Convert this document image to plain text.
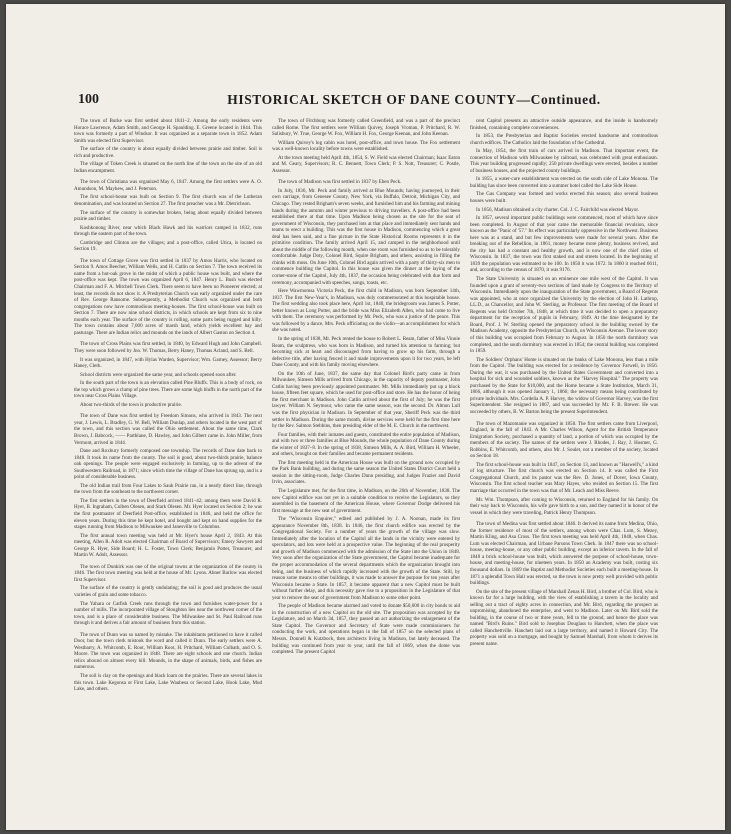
100	HISTORICAL SKETCH OF DANE COUNTY—Continued.

The town of Burke was first settled about 1841–2. Among the early residents were Horace Lawrence, Adam Smith, and George H. Spaulding. E. Greene located in 1844. This town was formerly a part of Windsor. It was organized as a separate town in 1852. Adam Smith was elected first Supervisor.

The surface of the country is about equally divided between prairie and timber. Soil is rich and productive.

The village of Token Creek is situated on the north line of the town on the site of an old Indian encampment.

The town of Christiana was organized May 6, 1847. Among the first settlers were A. O. Amundson, M. Mayhew, and J. Peterson.

The first school-house was built on Section 9. The first church was of the Lutheran denomination, and was located on Section 27. The first preacher was a Mr. Dietrichson.

The surface of the country is somewhat broken, being about equally divided between prairie and timber.

Koshkonong River, near which Black Hawk and his warriors camped in 1832, runs through the eastern part of the town.

Cambridge and Clinton are the villages; and a post-office, called Utica, is located on Section 19.

The town of Cottage Grove was first settled in 1837 by Amos Harris, who located on Section 9. Amos Beecher, William Wells, and H. Catlin on Section 7. The town received its name from a hut-oak grove in the midst of which a public house was built, and where the post-office was kept. The town was organized April 6, 1847. Henry L. Bush was elected Chairman and F. A. Mitchell Town Clerk. There seem to have been no Pioneerer elected; at least, the records do not show it. A Presbyterian Church was early organized under the care of Rev. George Ransome. Subsequently, a Methodist Church was organized and both congregations now have commodious meeting-houses. The first school-house was built on Section 7. There are now nine school districts, in which schools are kept from six to nine months each year. The surface of the country is rolling, some parts being rugged and hilly. The town contains about 7,000 acres of marsh land, which yields excellent hay and pasturage. There are Indian relics and mounds on the lands of Albert Gaston on Section 4.

The town of Cross Plains was first settled, in 1840, by Edward Hugh and John Campbell. They were soon followed by Jno. W. Thomas, Berry Haney, Thomas Acland, and S. Bell.

It was organized, in 1847, with Hylas Warden, Supervisor; Wm. Garney, Assessor; Berry Haney, Clerk.

School districts were organized the same year, and schools opened soon after.

In the south part of the town is an elevation called Pine Bluffs. This is a body of rock, on the top which grows a clump of pine trees. There are some high bluffs in the north part of the town near Cross Plains Village.

About two-thirds of the town is productive prairie.

The town of Dane was first settled by Freedom Simons, who arrived in 1843. The next year, J. Lewis, L. Bradley, G. W. Bell, William Dunlap, and others located in the west part of the town, and this section was called the Ohio settlement. About the same time, Clark Brown, J. Babcock, —— Parthlane, D. Hawley, and John Gilbert came in. John Miller, from Vermont, arrived in 1844.

Dane and Roxbury formerly composed one township. The records of Dane date back to 1848. It took its name from the county. The soil is good, about two-thirds prairie, balance oak openings. The people were engaged exclusively in farming, up to the advent of the Southwestern Railroad, in 1871; since which time the village of Dane has sprung up, and is a point of considerable business.

The old Indian trail from Four Lakes to Sauk Prairie ran, in a nearly direct line, through the town from the southeast to the northwest corner.

The first settlers in the town of Deerfield arrived 1841–42; among them were David R. Hyer, B. Ingraham, Colben Olesen, and Stark Olesen. Mr. Hyer located on Section 2; he was the first postmaster of Deerfield Post-office, established in 1846, and held the office for eleven years. During this time he kept hotel, and bought and kept on hand supplies for the stages running from Madison to Milwaukee and Janesville to Columbus.

The first annual town meeting was held at Mr. Hyer's house April 2, 1843. At this meeting, Allen R. Adolt was elected Chairman of Board of Supervisors; Emery Sawyers and George R. Hyer, Side Board; H. L. Foster, Town Clerk; Benjamin Potter, Treasurer, and Martin W. Adolt, Assessor.

The town of Dunkirk was one of the original towns at the organization of the county in 1846. The first town meeting was held at the house of Mr. Lyons. Abner Barlow was elected first Supervisor.

The surface of the country is gently undulating; the soil is good and produces the usual varieties of grain and some tobacco.

The Yahara or Catfish Creek runs through the town and furnishes water-power for a number of mills. The incorporated village of Stoughton lies near the northwest corner of the town, and is a place of considerable business. The Milwaukee and St. Paul Railroad runs through it and derives a fair amount of business from this station.

The town of Dunn was so named by mistake. The inhabitants petitioned to have it called Door, but the town clerk mistook the word and called it Dunn. The early settlers were A. Westbarry, A. Whitcomb, E. Root, William Root, H. Pritchard, William Colbath, and O. S. Moore. The town was organized in 1848. There are eight schools and one church. Indian relics abound on almost every hill. Mounds, in the shape of animals, birds, and fishes are numerous.

The soil is clay on the openings and black loam on the prairies. There are several lakes in this town. Lake Kegonsa or First Lake, Lake Waubesa or Second Lake, Hook Lake, Mud Lake, and others.

The town of Fitchburg was formerly called Greenfield, and was a part of the precinct called Rome. The first settlers were William Quivey, Joseph Vroman, P. Pritchard, R. W. Salisbury, W. True, George W. Fox, William H. Fox, George Keenan, and John Keenan.

William Quivey's log cabin was hotel, post-office, and town house. The Fox settlement was a well-known locality before towns were established.

At the town meeting held April 4th, 1854, S. W. Field was elected Chairman; Isaac Eaton and M. Geary, Supervisors; R. C. Bennett, Town Clerk; P. S. Nott, Treasurer; C. Postle, Assessor.

The town of Madison was first settled in 1837 by Eben Peck.

In July, 1836, Mr. Peck and family arrived at Blue Mounds; having journeyed, in their own carriage, from Genesee County, New York, via Buffalo, Detroit, Michigan City, and Chicago. They rested Brigham's seven weeks, and furnished him and his farming and mining hands during the autumn and winter previous to driving travellers. A post-office had been established there at that time. Upon Madison being chosen as the site for the seat of government of Wisconsin, they purchased lots at that place and immediately sent hands and teams to erect a building. This was the first house in Madison, commencing which a great deal has been said, and a fine picture in the State Historical Rooms represents it in the primitive condition. The family arrived April 15, and camped in the neighborhood until about the middle of the following month, when one room was furnished so as to be tolerably comfortable. Judge Doty, Colonel Bird, Squire Brigham, and others, assisting in filling the chinks with moss. On June 10th, Colonel Bird again arrived with a party of thirty-six men to commence building the Capitol. In this house was given the dinner at the laying of the corner-stone of the Capitol, July 4th, 1837, the occasion being celebrated with due form and ceremony, accompanied with speeches, songs, toasts, etc.

Here Wawmomsa Victoria Peck, the first child in Madison, was born September 14th, 1837. The first New-Year's, in Madison, was duly commemorated at this hospitable house. The first wedding also took place here, April 1st, 1840, the bridegroom was James S. Potter, better known as Long Potter, and the bride was Miss Elizabeth Allen, who had come to live with them. The ceremony was performed by Mr. Peck, who was a justice of the peace. This was followed by a dance, Mrs. Peck officiating on the violin—an accomplishment for which she was noted.

In the spring of 1838, Mr. Peck rented the house to Robert L. Ream, father of Miss Vinnie Ream, the sculptress, who was born in Madison, and turned his attention to farming; but becoming sick at heart and discouraged from having to grow up his farm, through a defective title, after having fenced it and made improvements upon it for two years, he left Dane County, and with his family moving elsewhere.

On the 10th of June, 1837, the same day that Colonel Bird's party came in from Milwaukee, Simeon Mills arrived from Chicago, in the capacity of deputy postmaster, John Catlin having been previously appointed postmaster. Mr. Mills immediately put up a block house, fifteen feet square, which he used for post-office and store. He has the honor of being the first merchant in Madison. John Catlin arrived about the first of July; he was the first lawyer. William N. Seymour, who came the same season, was the second. Dr. Almon Lull was the first physician in Madison. In September of that year, Sheriff Peck was the third settler in Madison. During the same month, divine services were held for the first time here by the Rev. Salmon Stebbins, then presiding elder of the M. E. Church in the northwest.

Four families, with their inmates and guests, constituted the entire population of Madison, and with two or three families at Blue Mounds, the whole population of Dane County during the winter of 1837–8. In the spring of 1838, Simeon Mills, A. A. Bird, William H. Wheeler, and others, brought on their families and became permanent residents.

The first meeting held in the American House was built on the ground now occupied by the Park Bank building, and during the same season the United States District Court held a session in the sitting-room, Judge Charles Dunn presiding, and Judges Frazier and David Irvin, associates.

The Legislature met, for the first time, in Madison, on the 26th of November, 1838. The new Capitol edifice was not yet in a suitable condition to receive the Legislators, so they assembled in the basement of the American House, where Governor Dodge delivered his first message at the new seat of government.

The "Wisconsin Enquirer," edited and published by J. A. Noonan, made its first appearance November 8th, 1838. In 1846, the first church edifice was erected by the Congregational Society. For a number of years the growth of the village was slow. Immediately after the location of the Capitol all the lands in the vicinity were entered by speculators, and lots were held at a prospective value. The beginning of the real prosperity and growth of Madison commenced with the admission of the State into the Union in 1848. Very soon after the organization of the State government, the Capitol became inadequate for the proper accommodation of the several departments which the organization brought into being, and the business of which rapidly increased with the growth of the State. Still, by reason some means to other buildings, it was made to answer the purpose for ten years after Wisconsin became a State. In 1857, it became apparent that a new Capitol must be built without further delay, and this necessity gave rise to a proposition in the Legislature of that year to remove the seat of government from Madison to some other point.

The people of Madison became alarmed and voted to donate $50,000 in city bonds to aid in the construction of a new Capitol on the old site. The proposition was accepted by the Legislature, and on March 3d, 1857, they passed an act authorizing the enlargement of the State Capitol. The Governor and Secretary of State were made commissioners for conducting the work, and operations began in the fall of 1857 on the selected plans of Messrs. Donnell & Kutzbock, then architects living in Madison, but lately deceased. The building was continued from year to year, until the fall of 1869, when the dome was completed. The present Capitol

cent Capitol presents an attractive outside appearance, and the inside is handsomely finished, containing complete conveniences.

In 1853, the Presbyterian and Baptist Societies erected handsome and commodious church edifices. The Catholics laid the foundation of the Cathedral.

In May, 1854, the first train of cars arrived in Madison. That important event, the connection of Madison with Milwaukee by railroad, was celebrated with great enthusiasm. This year building progressed rapidly; 250 private dwellings were erected, besides a number of business houses, and the projected county buildings.

In 1855, a water-cure establishment was erected on the south side of Lake Monona. The building has since been converted into a summer hotel called the Lake Side House.

The Gas Company was formed and works erected this season; also several business houses were built.

In 1856, Madison obtained a city charter. Col. J. C. Fairchild was elected Mayor.

In 1857, several important public buildings were commenced, most of which have since been completed. In August of that year came the memorable financial revulsion, since known as the "Panic of '57." Its effect was particularly oppressive in the Northwest. Business here was at a stand, and but few improvements were made for several years. After the breaking out of the Rebellion, in 1861, money became more plenty, business revived, and the city has had a constant and healthy growth, and is now one of the chief cities of Wisconsin. In 1837, the town was first staked out and streets located. In the beginning of 1839 the population was estimated to be 100. In 1850 it was 1672. In 1860 it reached 6611, and, according to the census of 1870, it was 9176.

The State University is situated on an eminence one mile west of the Capitol. It was founded upon a grant of seventy-two sections of land made by Congress to the Territory of Wisconsin. Immediately upon the inauguration of the State government, a Board of Regents was appointed, who at once organized the University by the election of John H. Lathrop, LL.D., as Chancellor, and John W. Sterling, as Professor. The first meeting of the Board of Regents was held October 7th, 1848, at which time it was decided to open a preparatory department for the reception of pupils in February, 1849. At the time designated by the Board, Prof. J. W. Sterling opened the preparatory school in the building owned by the Madison Academy, opposite the Presbyterian Church, on Wisconsin Avenue. The lower story of this building was occupied from February to August. In 1850 the north dormitory was completed, and the south dormitory was erected in 1854; the central building was completed in 1859.

The Soldiers' Orphans' Home is situated on the banks of Lake Monona, less than a mile from the Capitol. The building was erected for a residence by Governor Farwell, in 1856. During the war, it was purchased by the United States Government and converted into a hospital for sick and wounded soldiers, known as the "Harvey Hospital." The property was purchased by the State for $10,000, and the Home became a State Institution, March 31, 1866, although it was opened January 1, 1866; the necessary means being contributed by private individuals. Mrs. Cordelia A. P. Harvey, the widow of Governor Harvey, was the first Superintendent. She resigned in 1867, and was succeeded by Mr. F. B. Brewer. He was succeeded by others, B. W. Barton being the present Superintendent.

The town of Mazomanie was organized in 1858. The first settlers came from Liverpool, England, in the fall of 1843. A Mr. Charles Wilson, Agent for the British Temperance Emigration Society, purchased a quantity of land, a portion of which was occupied by the members of the society. The names of the settlers were J. Rhodes, J. Ray, J. Hosmer, G. Robbins, E. Whitcomb, and others, also Mr. J. Soulet, not a member of the society, located on Section 18.

The first school-house was built in 1847, on Section 13, and known as "Haswell's," a kind of log structure. The first church was erected on Section 14. It was called the First Congregational Church, and its pastor was the Rev. D. Jones, of Dover, Iowa County, Wisconsin. The first school teacher was Mary Hayes, who resided on Section 15. The first marriage that occurred in the town was that of Mr. Leach and Miss Reeve.

Mr. Wm. Thompson, after coming to Wisconsin, returned to England for his family. On their way back to Wisconsin, his wife gave birth to a son, and they named it in honor of the vessel in which they were traveling, Patrick Henry Thompson.

The town of Medina was first settled about 1846. It derived its name from Medina, Ohio, the former residence of most of the settlers, among whom were Chas. Lum, S. Mezey, Martin Kling, and Asa Cross. The first town meeting was held April 4th, 1848, when Chas. Lum was elected Chairman, and Urbane Parsons Town Clerk. In 1847 there was no school-house, meeting-house, or any other public building, except an inferior tavern. In the fall of 1848 a brick school-house was built, which answered the purpose of school-house, town-house, and meeting-house, for nineteen years. In 1850 an Academy was built, costing six thousand dollars. In 1869 the Baptist and Methodist Societies each built a meeting-house. In 1871 a splendid Town Hall was erected, so the town is now pretty well provided with public buildings.

On the site of the present village of Marshall Zenas H. Bird, a brother of Col. Bird, who is known far for a large building, with the view of establishing a tavern in the locality and selling out a tract of eighty acres in connection, and Mr. Bird, regarding the prospect as unpromising, abandoned the enterprise, and went to Madison. Later on Mr. Bird sold the building, in the course of two or three years, fell to the ground, and hence the place was named "Bird's Ruins." Bird sold to Josephus Douglass to Hanchett, when the place was called Hanchettville. Hanchett laid out a large territory, and named it Howard City. The property was sold on a mortgage, and bought by Samuel Marshall, from whom it derives its present name.
